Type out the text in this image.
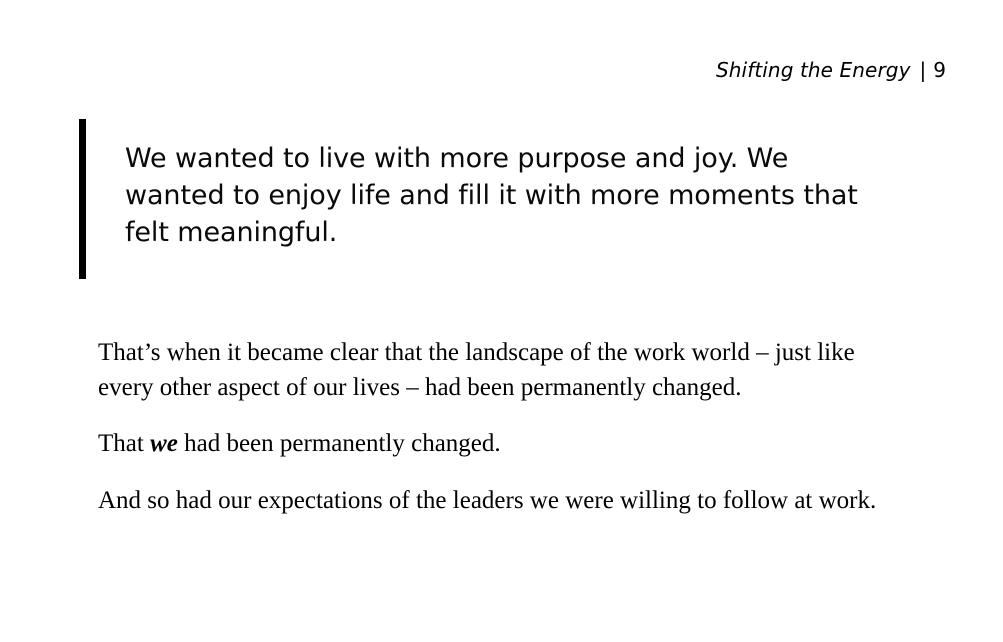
Shifting the Energy | 9
We wanted to live with more purpose and joy. We wanted to enjoy life and fill it with more moments that felt meaningful.

That’s when it became clear that the landscape of the work world – just like every other aspect of our lives – had been permanently changed.

That we had been permanently changed.

And so had our expectations of the leaders we were willing to follow at work.
